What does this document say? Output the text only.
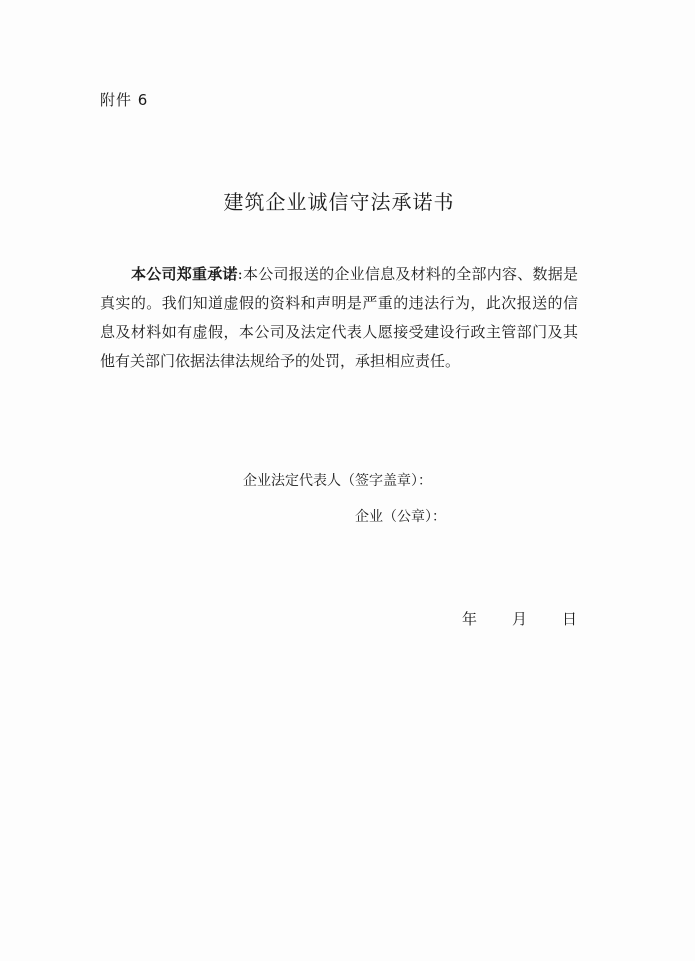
附件 6
建筑企业诚信守法承诺书

本公司郑重承诺:本公司报送的企业信息及材料的全部内容、数据是真实的。我们知道虚假的资料和声明是严重的违法行为，此次报送的信息及材料如有虚假，本公司及法定代表人愿接受建设行政主管部门及其他有关部门依据法律法规给予的处罚，承担相应责任。

企业法定代表人（签字盖章）：
企业（公章）：
年 月 日
